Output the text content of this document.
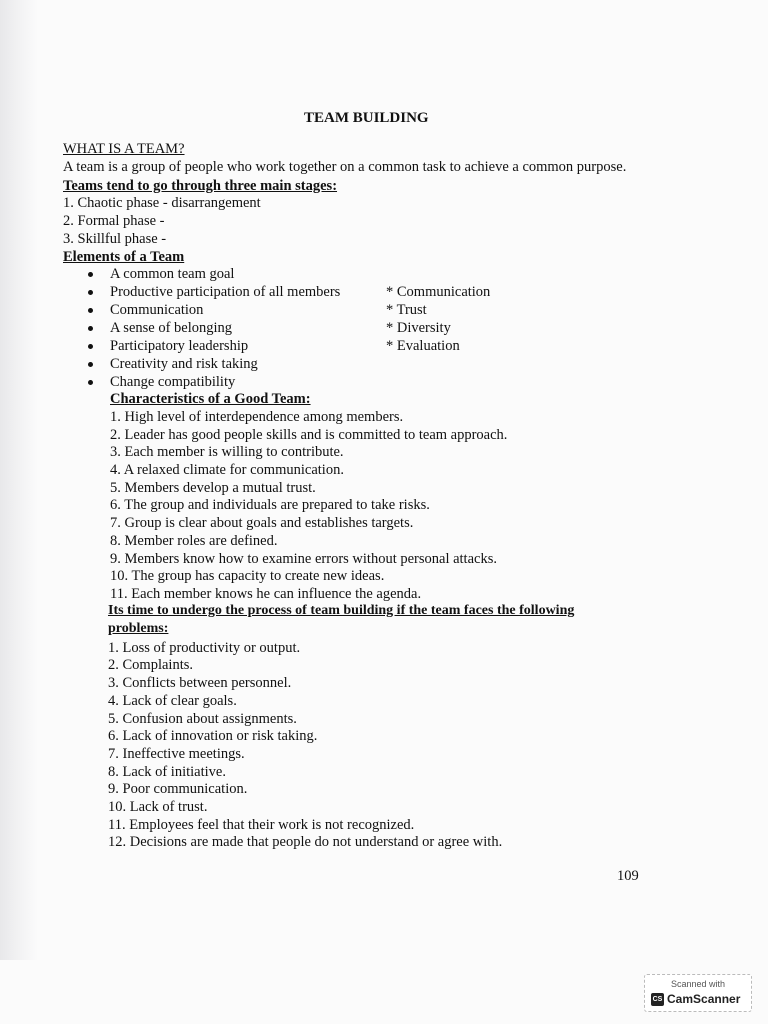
TEAM BUILDING
WHAT IS A TEAM?
A team is a group of people who work together on a common task to achieve a common purpose.
Teams tend to go through three main stages:
1. Chaotic phase - disarrangement
2. Formal phase -
3. Skillful phase -
Elements of a Team
A common team goal
Productive participation of all members
Communication
A sense of belonging
Participatory leadership
Creativity and risk taking
Change compatibility
* Communication
* Trust
* Diversity
* Evaluation
Characteristics of a Good Team:
1. High level of interdependence among members.
2. Leader has good people skills and is committed to team approach.
3. Each member is willing to contribute.
4. A relaxed climate for communication.
5. Members develop a mutual trust.
6. The group and individuals are prepared to take risks.
7. Group is clear about goals and establishes targets.
8. Member roles are defined.
9. Members know how to examine errors without personal attacks.
10. The group has capacity to create new ideas.
11. Each member knows he can influence the agenda.
Its time to undergo the process of team building if the team faces the following
problems:
1. Loss of productivity or output.
2. Complaints.
3. Conflicts between personnel.
4. Lack of clear goals.
5. Confusion about assignments.
6. Lack of innovation or risk taking.
7. Ineffective meetings.
8. Lack of initiative.
9. Poor communication.
10. Lack of trust.
11. Employees feel that their work is not recognized.
12. Decisions are made that people do not understand or agree with.
109
Scanned with
CS CamScanner
